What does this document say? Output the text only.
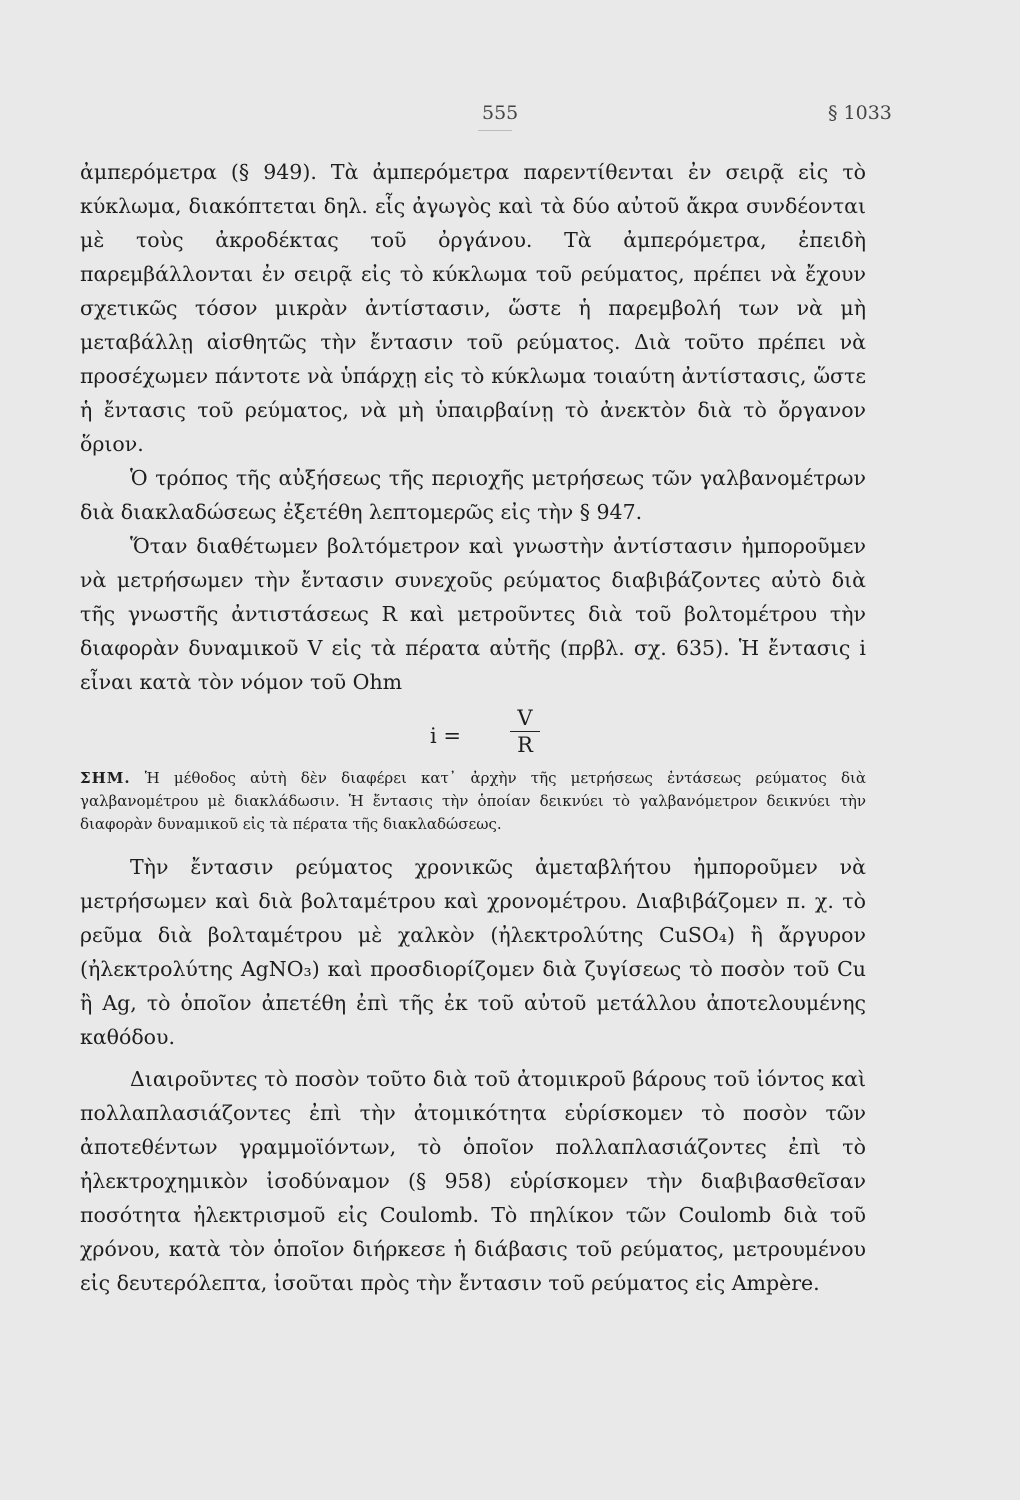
555	§ 1033

ἀμπερόμετρα (§ 949). Τὰ ἀμπερόμετρα παρεντίθενται ἐν σειρᾷ εἰς τὸ κύκλωμα, διακόπτεται δηλ. εἷς ἀγωγὸς καὶ τὰ δύο αὐτοῦ ἄκρα συνδέονται μὲ τοὺς ἀκροδέκτας τοῦ ὀργάνου. Τὰ ἀμπερόμετρα, ἐπειδὴ παρεμβάλλονται ἐν σειρᾷ εἰς τὸ κύκλωμα τοῦ ρεύματος, πρέπει νὰ ἔχουν σχετικῶς τόσον μικρὰν ἀντίστασιν, ὥστε ἡ παρεμβολή των νὰ μὴ μεταβάλλῃ αἰσθητῶς τὴν ἔντασιν τοῦ ρεύματος. Διὰ τοῦτο πρέπει νὰ προσέχωμεν πάντοτε νὰ ὑπάρχῃ εἰς τὸ κύκλωμα τοιαύτη ἀντίστασις, ὥστε ἡ ἔντασις τοῦ ρεύματος, νὰ μὴ ὑπαιρβαίνῃ τὸ ἀνεκτὸν διὰ τὸ ὄργανον ὅριον.

Ὁ τρόπος τῆς αὐξήσεως τῆς περιοχῆς μετρήσεως τῶν γαλβανομέτρων διὰ διακλαδώσεως ἐξετέθη λεπτομερῶς εἰς τὴν § 947.

Ὅταν διαθέτωμεν βολτόμετρον καὶ γνωστὴν ἀντίστασιν ἠμποροῦμεν νὰ μετρήσωμεν τὴν ἔντασιν συνεχοῦς ρεύματος διαβιβάζοντες αὐτὸ διὰ τῆς γνωστῆς ἀντιστάσεως R καὶ μετροῦντες διὰ τοῦ βολτομέτρου τὴν διαφορὰν δυναμικοῦ V εἰς τὰ πέρατα αὐτῆς (πρβλ. σχ. 635). Ἡ ἔντασις i εἶναι κατὰ τὸν νόμον τοῦ Ohm

i =
V
R
ΣΗΜ. Ἡ μέθοδος αὐτὴ δὲν διαφέρει κατ᾽ ἀρχὴν τῆς μετρήσεως ἐντάσεως ρεύματος διὰ γαλβανομέτρου μὲ διακλάδωσιν. Ἡ ἔντασις τὴν ὁποίαν δεικνύει τὸ γαλβανόμετρον δεικνύει τὴν διαφορὰν δυναμικοῦ εἰς τὰ πέρατα τῆς διακλαδώσεως.

Τὴν ἔντασιν ρεύματος χρονικῶς ἀμεταβλήτου ἠμποροῦμεν νὰ μετρήσωμεν καὶ διὰ βολταμέτρου καὶ χρονομέτρου. Διαβιβάζομεν π. χ. τὸ ρεῦμα διὰ βολταμέτρου μὲ χαλκὸν (ἠλεκτρολύτης CuSO₄) ἢ ἄργυρον (ἠλεκτρολύτης AgNO₃) καὶ προσδιορίζομεν διὰ ζυγίσεως τὸ ποσὸν τοῦ Cu ἢ Ag, τὸ ὁποῖον ἀπετέθη ἐπὶ τῆς ἐκ τοῦ αὐτοῦ μετάλλου ἀποτελουμένης καθόδου.

Διαιροῦντες τὸ ποσὸν τοῦτο διὰ τοῦ ἀτομικροῦ βάρους τοῦ ἰόντος καὶ πολλαπλασιάζοντες ἐπὶ τὴν ἀτομικότητα εὑρίσκομεν τὸ ποσὸν τῶν ἀποτεθέντων γραμμοϊόντων, τὸ ὁποῖον πολλαπλασιάζοντες ἐπὶ τὸ ἠλεκτροχημικὸν ἰσοδύναμον (§ 958) εὑρίσκομεν τὴν διαβιβασθεῖσαν ποσότητα ἠλεκτρισμοῦ εἰς Coulomb. Τὸ πηλίκον τῶν Coulomb διὰ τοῦ χρόνου, κατὰ τὸν ὁποῖον διήρκεσε ἡ διάβασις τοῦ ρεύματος, μετρουμένου εἰς δευτερόλεπτα, ἰσοῦται πρὸς τὴν ἔντασιν τοῦ ρεύματος εἰς Ampère.
